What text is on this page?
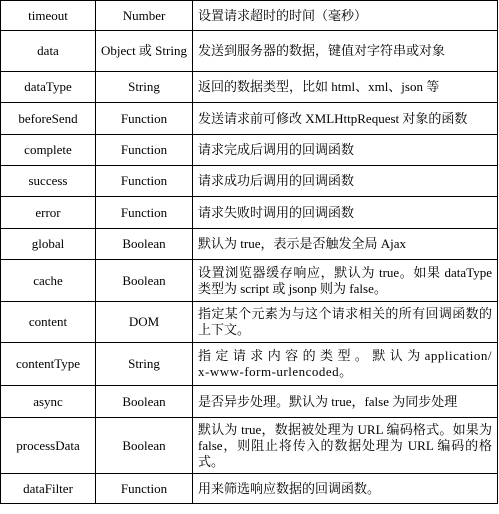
timeout	Number	设置请求超时的时间（毫秒）
data	Object 或 String	发送到服务器的数据，键值对字符串或对象
dataType	String	返回的数据类型，比如 html、xml、json 等
beforeSend	Function	发送请求前可修改 XMLHttpRequest 对象的函数
complete	Function	请求完成后调用的回调函数
success	Function	请求成功后调用的回调函数
error	Function	请求失败时调用的回调函数
global	Boolean	默认为 true，表示是否触发全局 Ajax
cache	Boolean	设置浏览器缓存响应，默认为 true。如果 dataType 类型为 script 或 jsonp 则为 false。
content	DOM	指定某个元素为与这个请求相关的所有回调函数的上下文。
contentType	String	指 定 请 求 内 容 的 类 型 。 默 认 为 application/x-www-form-urlencoded。
async	Boolean	是否异步处理。默认为 true，false 为同步处理
processData	Boolean	默认为 true，数据被处理为 URL 编码格式。如果为 false，则阻止将传入的数据处理为 URL 编码的格式。
dataFilter	Function	用来筛选响应数据的回调函数。
